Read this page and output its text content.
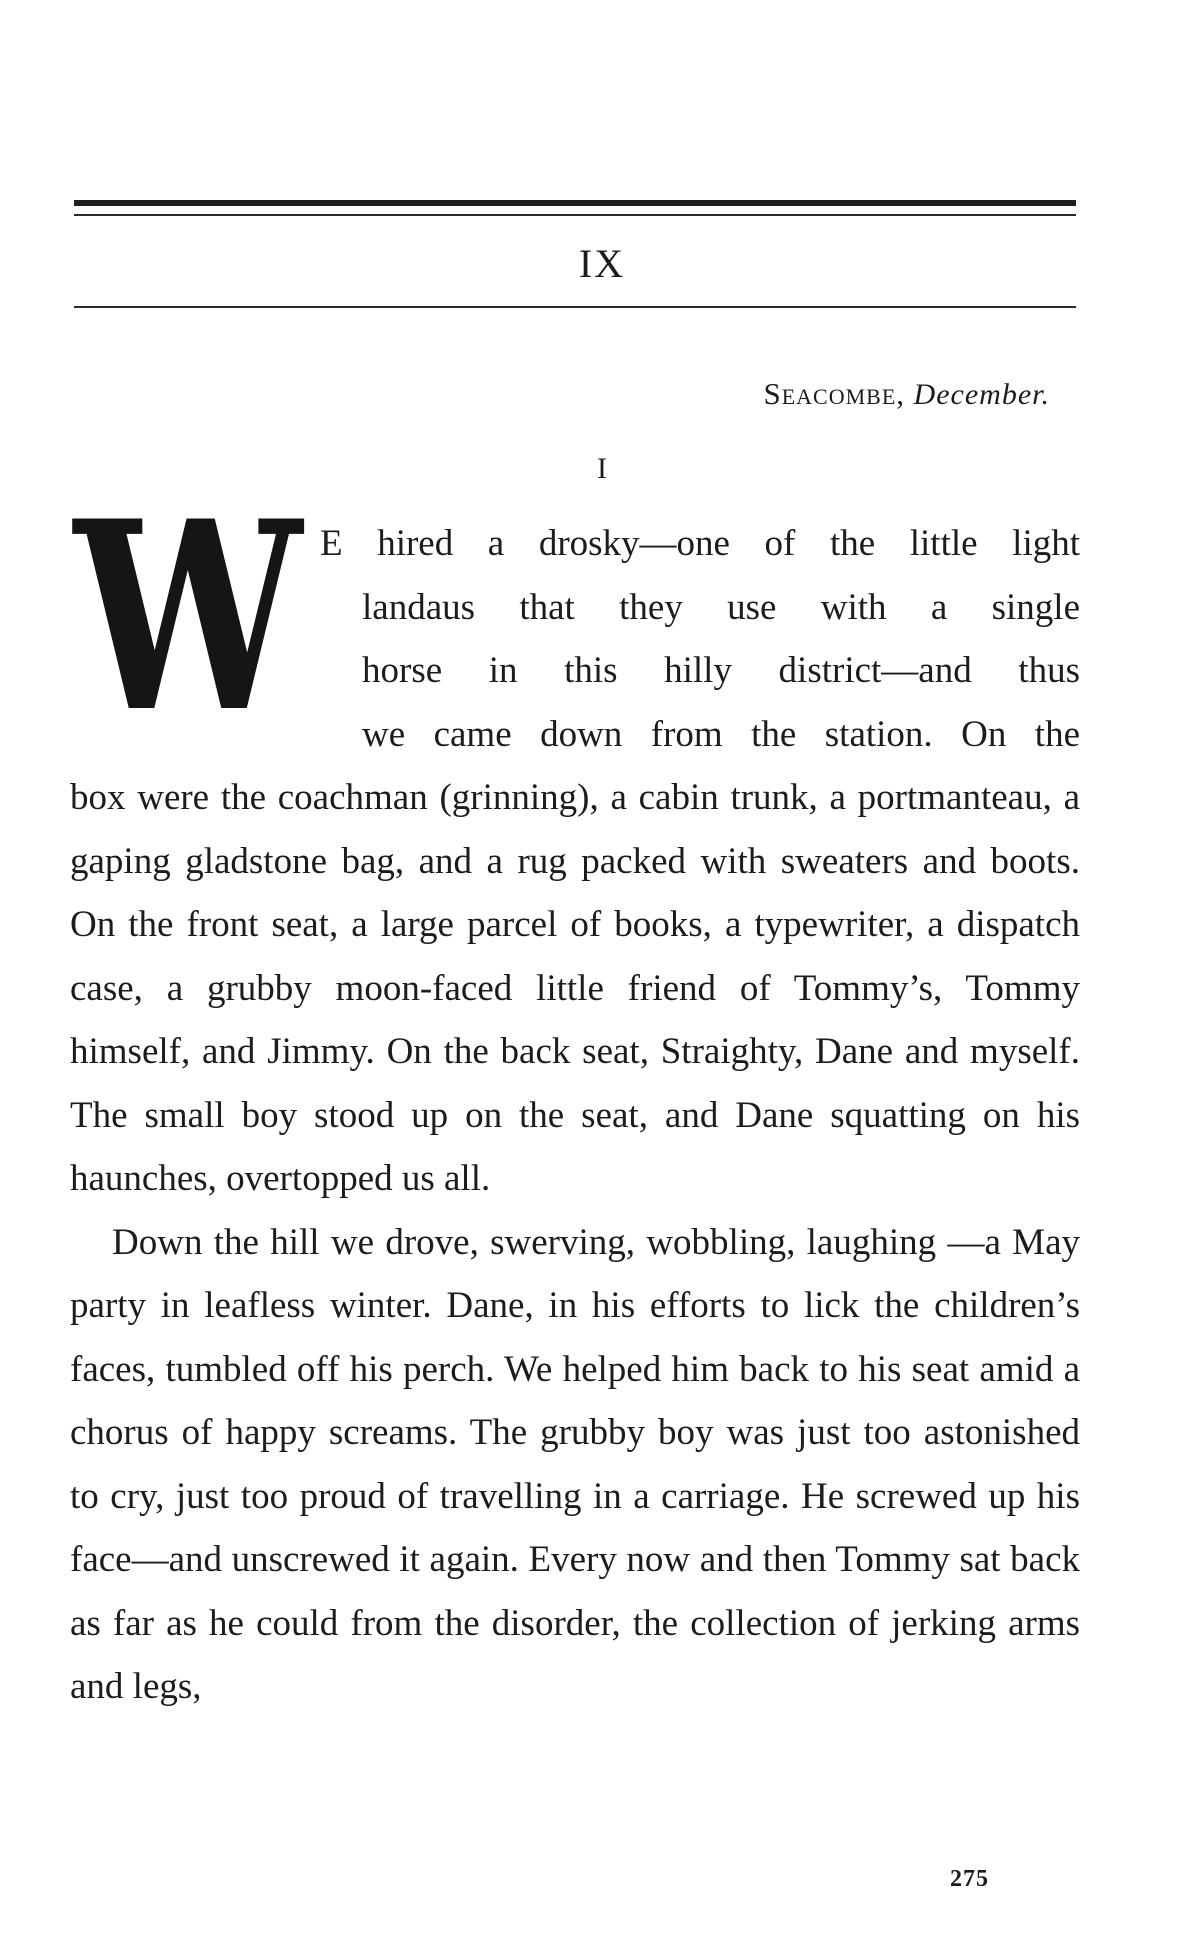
IX
Seacombe, December.
I
W E hired a drosky—one of the little light
landaus that they use with a single
horse in this hilly district—and thus
we came down from the station. On the
box were the coachman (grinning), a cabin trunk, a portmanteau, a gaping gladstone bag, and a rug packed with sweaters and boots. On the front seat, a large parcel of books, a typewriter, a dispatch case, a grubby moon-faced little friend of Tommy’s, Tommy himself, and Jimmy. On the back seat, Straighty, Dane and myself. The small boy stood up on the seat, and Dane squatting on his haunches, overtopped us all.

Down the hill we drove, swerving, wobbling, laughing —a May party in leafless winter. Dane, in his efforts to lick the children’s faces, tumbled off his perch. We helped him back to his seat amid a chorus of happy screams. The grubby boy was just too astonished to cry, just too proud of travelling in a carriage. He screwed up his face—and unscrewed it again. Every now and then Tommy sat back as far as he could from the disorder, the collection of jerking arms and legs,

275
